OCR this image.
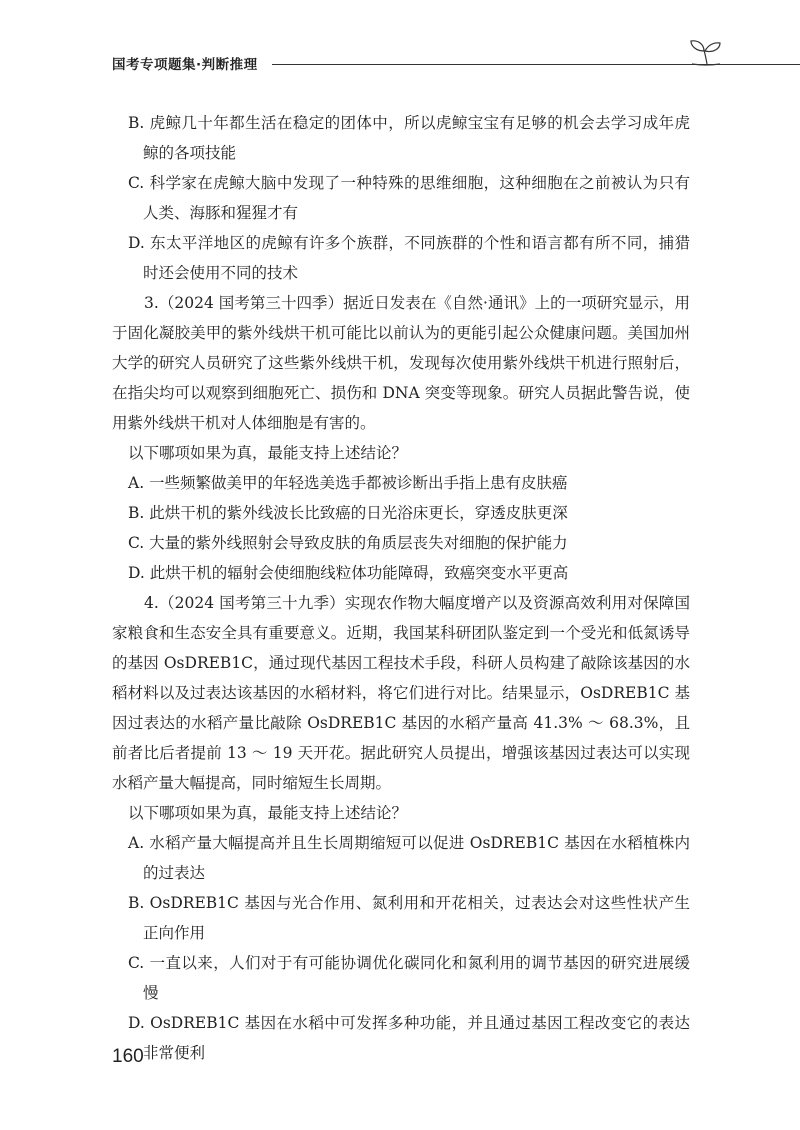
国考专项题集·判断推理
B. 虎鲸几十年都生活在稳定的团体中，所以虎鲸宝宝有足够的机会去学习成年虎鲸的各项技能
C. 科学家在虎鲸大脑中发现了一种特殊的思维细胞，这种细胞在之前被认为只有人类、海豚和猩猩才有
D. 东太平洋地区的虎鲸有许多个族群，不同族群的个性和语言都有所不同，捕猎时还会使用不同的技术
3.（2024 国考第三十四季）据近日发表在《自然·通讯》上的一项研究显示，用于固化凝胶美甲的紫外线烘干机可能比以前认为的更能引起公众健康问题。美国加州大学的研究人员研究了这些紫外线烘干机，发现每次使用紫外线烘干机进行照射后，在指尖均可以观察到细胞死亡、损伤和 DNA 突变等现象。研究人员据此警告说，使用紫外线烘干机对人体细胞是有害的。
以下哪项如果为真，最能支持上述结论？
A. 一些频繁做美甲的年轻选美选手都被诊断出手指上患有皮肤癌
B. 此烘干机的紫外线波长比致癌的日光浴床更长，穿透皮肤更深
C. 大量的紫外线照射会导致皮肤的角质层丧失对细胞的保护能力
D. 此烘干机的辐射会使细胞线粒体功能障碍，致癌突变水平更高
4.（2024 国考第三十九季）实现农作物大幅度增产以及资源高效利用对保障国家粮食和生态安全具有重要意义。近期，我国某科研团队鉴定到一个受光和低氮诱导的基因 OsDREB1C，通过现代基因工程技术手段，科研人员构建了敲除该基因的水稻材料以及过表达该基因的水稻材料，将它们进行对比。结果显示，OsDREB1C 基因过表达的水稻产量比敲除 OsDREB1C 基因的水稻产量高 41.3% ～ 68.3%，且前者比后者提前 13 ～ 19 天开花。据此研究人员提出，增强该基因过表达可以实现水稻产量大幅提高，同时缩短生长周期。
以下哪项如果为真，最能支持上述结论？
A. 水稻产量大幅提高并且生长周期缩短可以促进 OsDREB1C 基因在水稻植株内的过表达
B. OsDREB1C 基因与光合作用、氮利用和开花相关，过表达会对这些性状产生正向作用
C. 一直以来，人们对于有可能协调优化碳同化和氮利用的调节基因的研究进展缓慢
D. OsDREB1C 基因在水稻中可发挥多种功能，并且通过基因工程改变它的表达非常便利
160
